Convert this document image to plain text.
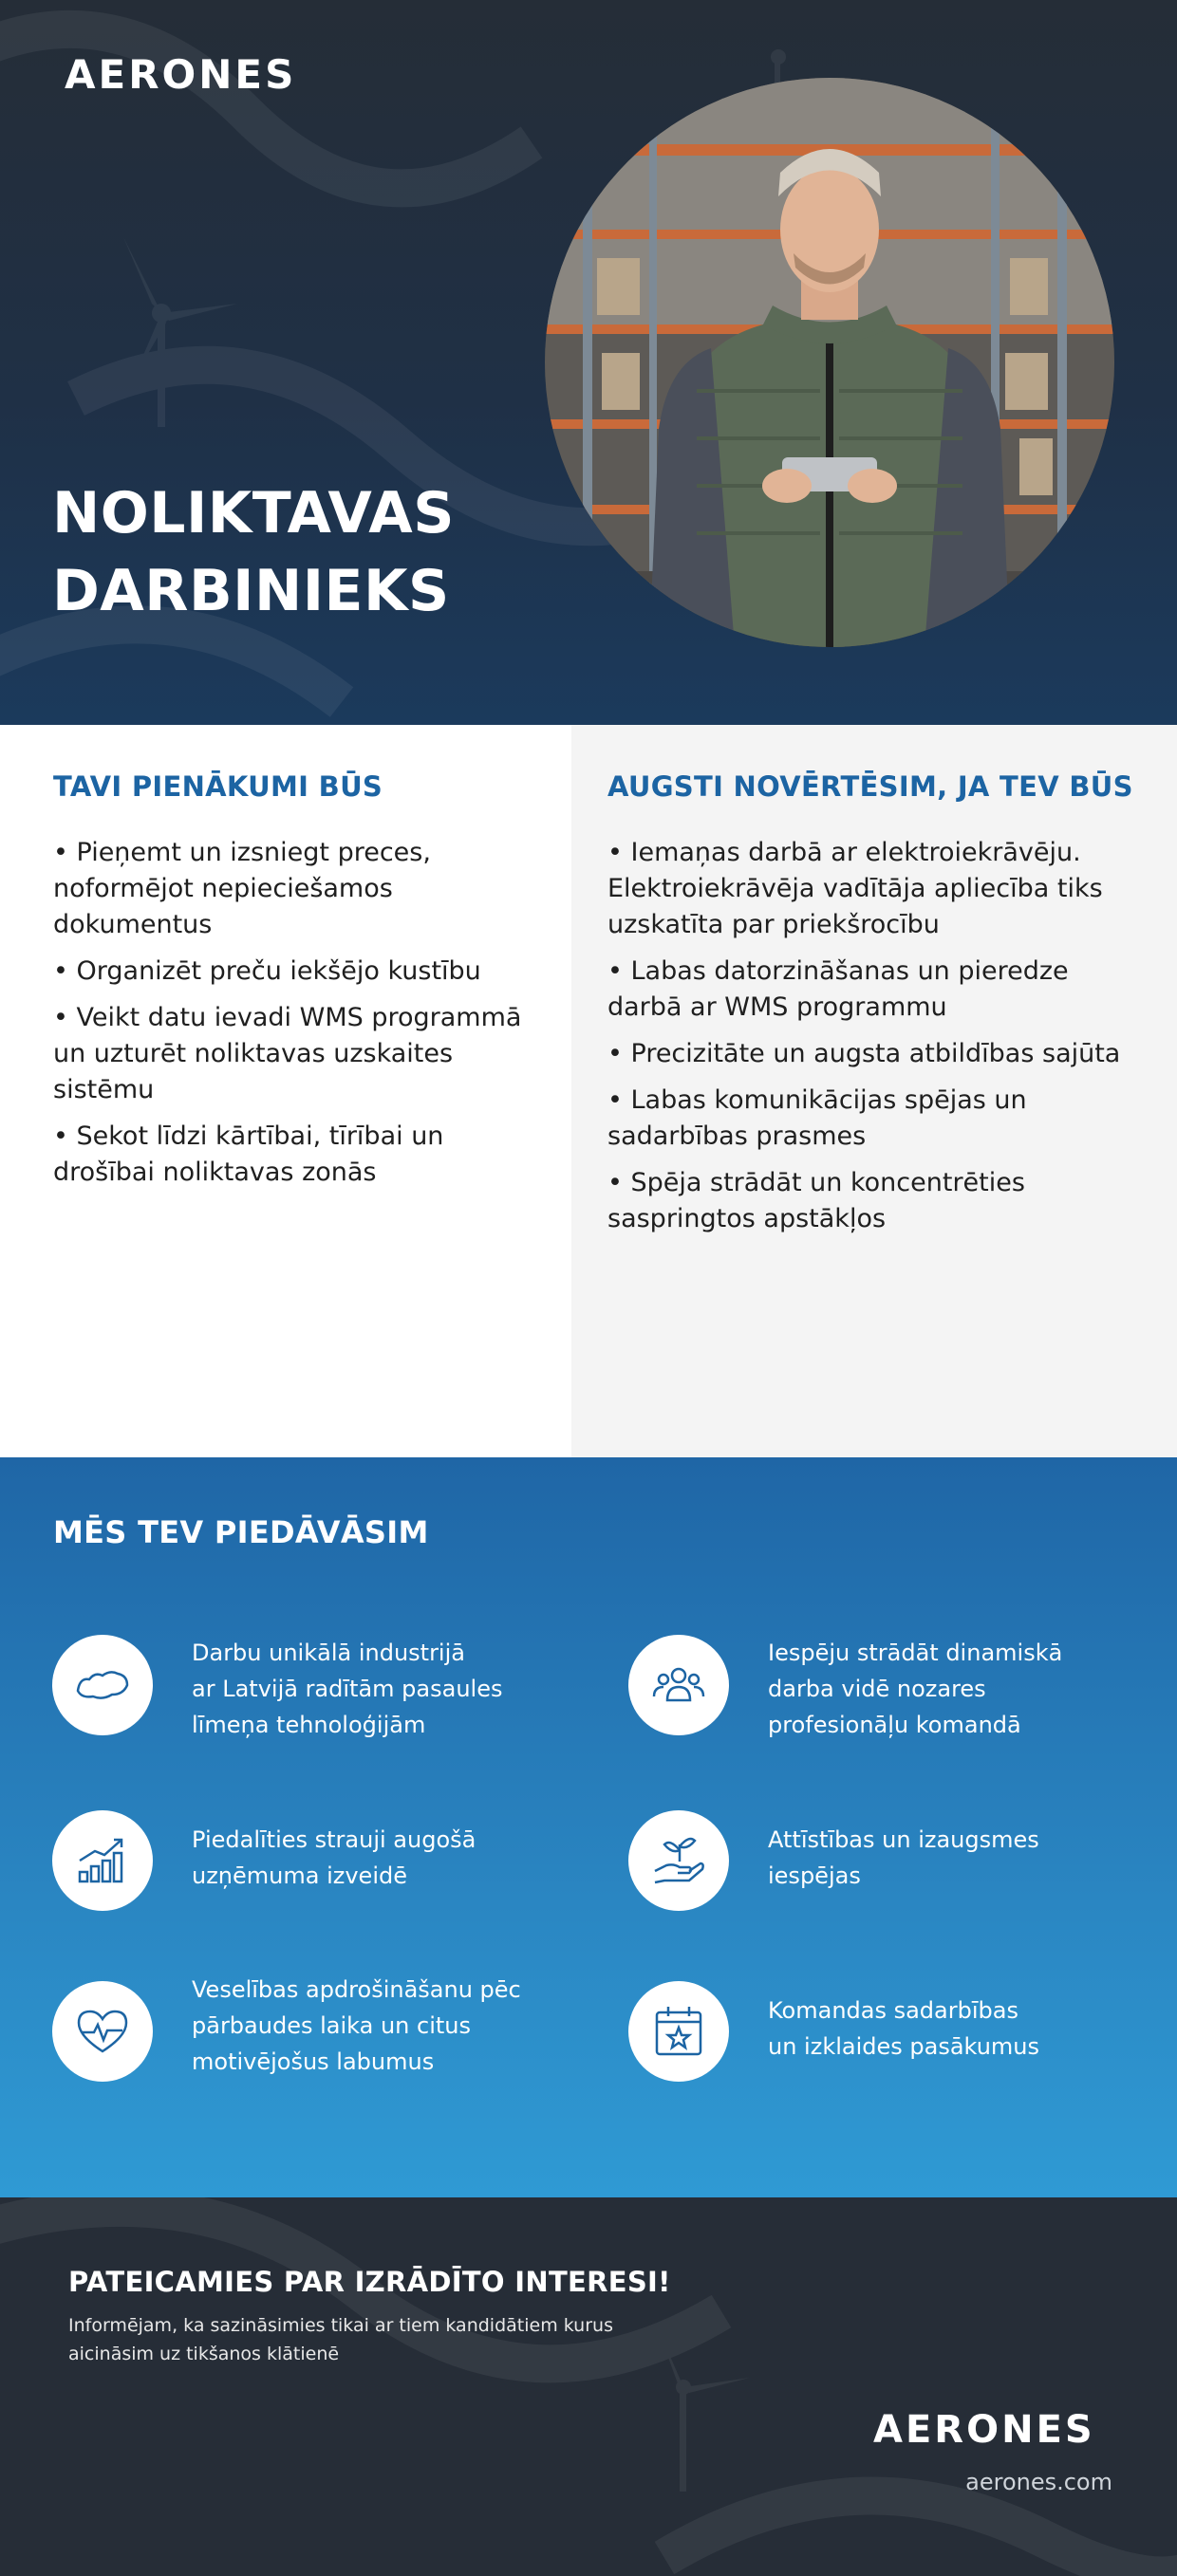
AERONES
NOLIKTAVAS
DARBINIEKS
TAVI PIENĀKUMI BŪS
• Pieņemt un izsniegt preces, noformējot nepieciešamos dokumentus
• Organizēt preču iekšējo kustību
• Veikt datu ievadi WMS programmā un uzturēt noliktavas uzskaites sistēmu
• Sekot līdzi kārtībai, tīrībai un drošībai noliktavas zonās
AUGSTI NOVĒRTĒSIM, JA TEV BŪS
• Iemaņas darbā ar elektroiekrāvēju. Elektroiekrāvēja vadītāja apliecība tiks uzskatīta par priekšrocību
• Labas datorzināšanas un pieredze darbā ar WMS programmu
• Precizitāte un augsta atbildības sajūta
• Labas komunikācijas spējas un sadarbības prasmes
• Spēja strādāt un koncentrēties saspringtos apstākļos
MĒS TEV PIEDĀVĀSIM
Darbu unikālā industrijā
ar Latvijā radītām pasaules
līmeņa tehnoloģijām
Iespēju strādāt dinamiskā
darba vidē nozares
profesionāļu komandā
Piedalīties strauji augošā
uzņēmuma izveidē
Attīstības un izaugsmes
iespējas
Veselības apdrošināšanu pēc
pārbaudes laika un citus
motivējošus labumus
Komandas sadarbības
un izklaides pasākumus
PATEICAMIES PAR IZRĀDĪTO INTERESI!

Informējam, ka sazināsimies tikai ar tiem kandidātiem kurus aicināsim uz tikšanos klātienē

AERONES
aerones.com
